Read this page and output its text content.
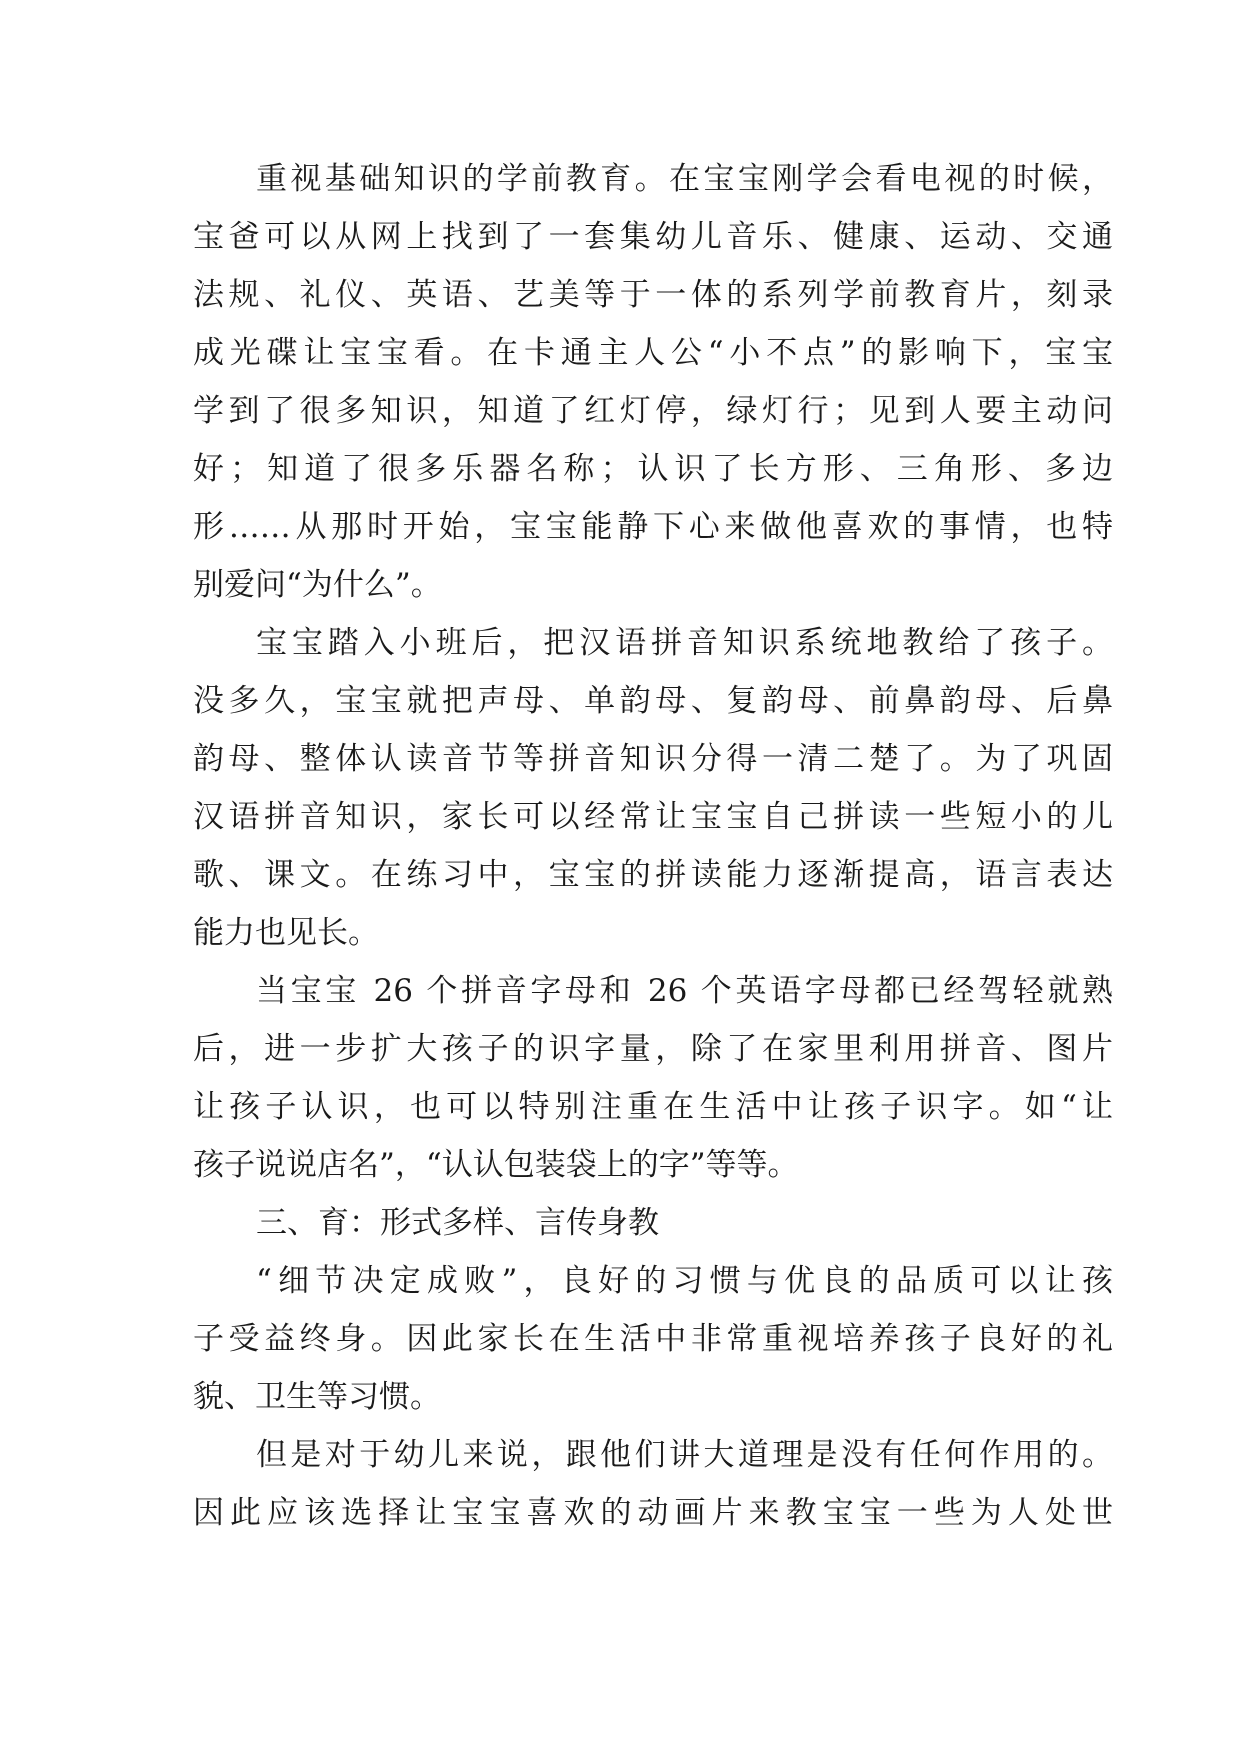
重视基础知识的学前教育。在宝宝刚学会看电视的时候，
宝爸可以从网上找到了一套集幼儿音乐、健康、运动、交通
法规、礼仪、英语、艺美等于一体的系列学前教育片，刻录
成光碟让宝宝看。在卡通主人公“小不点”的影响下，宝宝
学到了很多知识，知道了红灯停，绿灯行；见到人要主动问
好；知道了很多乐器名称；认识了长方形、三角形、多边
形……从那时开始，宝宝能静下心来做他喜欢的事情，也特
别爱问“为什么”。
宝宝踏入小班后，把汉语拼音知识系统地教给了孩子。
没多久，宝宝就把声母、单韵母、复韵母、前鼻韵母、后鼻
韵母、整体认读音节等拼音知识分得一清二楚了。为了巩固
汉语拼音知识，家长可以经常让宝宝自己拼读一些短小的儿
歌、课文。在练习中，宝宝的拼读能力逐渐提高，语言表达
能力也见长。
当宝宝 26 个拼音字母和 26 个英语字母都已经驾轻就熟
后，进一步扩大孩子的识字量，除了在家里利用拼音、图片
让孩子认识，也可以特别注重在生活中让孩子识字。如“让
孩子说说店名”，“认认包装袋上的字”等等。
三、育：形式多样、言传身教
“细节决定成败”，良好的习惯与优良的品质可以让孩
子受益终身。因此家长在生活中非常重视培养孩子良好的礼
貌、卫生等习惯。
但是对于幼儿来说，跟他们讲大道理是没有任何作用的。
因此应该选择让宝宝喜欢的动画片来教宝宝一些为人处世
